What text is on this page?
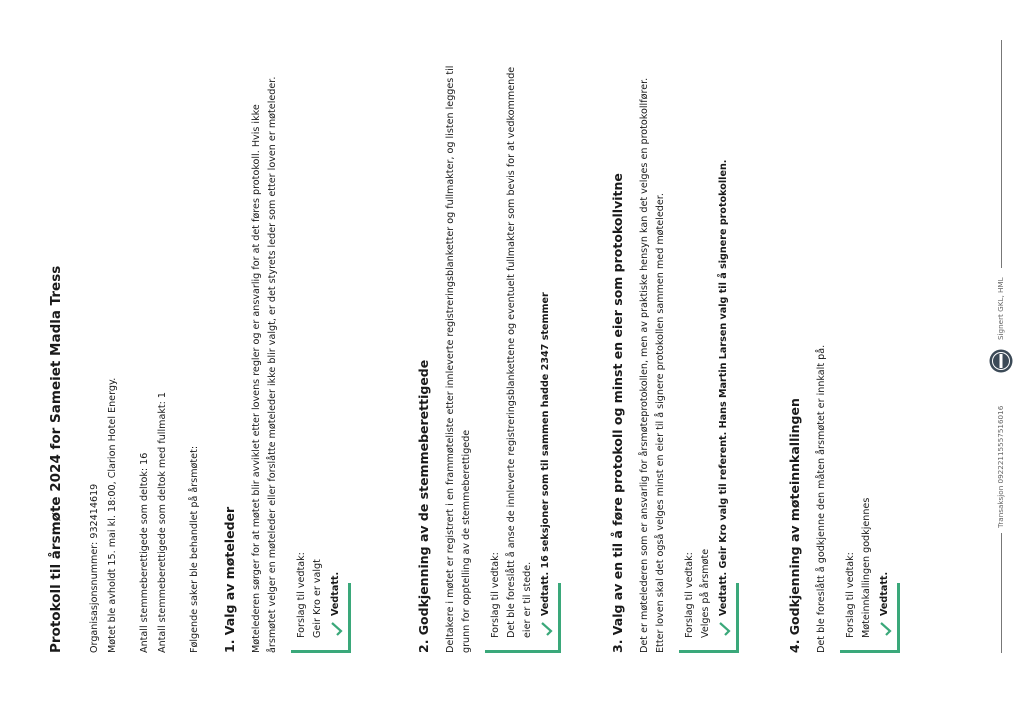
Protokoll til årsmøte 2024 for Sameiet Madla Tress	Organisasjonsnummer: 932414619 Møtet ble avholdt 15. mai kl. 18:00, Clarion Hotel Energy.	Antall stemmeberettigede som deltok: 16 Antall stemmeberettigede som deltok med fullmakt: 1	Følgende saker ble behandlet på årsmøtet:	1. Valg av møteleder Møtelederen sørger for at møtet blir avviklet etter lovens regler og er ansvarlig for at det føres protokoll. Hvis ikke årsmøtet velger en møteleder eller forslåtte møteleder ikke blir valgt, er det styrets leder som etter loven er møteleder.	Forslag til vedtak: Geir Kro er valgt Vedtatt.	2. Godkjenning av de stemmeberettigede Deltakere i møtet er registrert i en frammøteliste etter innleverte registreringsblanketter og fullmakter, og listen legges til grunn for opptelling av de stemmeberettigede	Forslag til vedtak: Det ble foreslått å anse de innleverte registreringsblankettene og eventuelt fullmakter som bevis for at vedkommende eier er til stede. Vedtatt. 16 seksjoner som til sammen hadde 2347 stemmer	3. Valg av en til å føre protokoll og minst en eier som protokollvitne Det er møtelederen som er ansvarlig for årsmøteprotokollen, men av praktiske hensyn kan det velges en protokollfører. Etter loven skal det også velges minst en eier til å signere protokollen sammen med møteleder.	Forslag til vedtak: Velges på årsmøte Vedtatt. Geir Kro valg til referent. Hans Martin Larsen valg til å signere protokollen.	4. Godkjenning av møteinnkallingen Det ble foreslått å godkjenne den måten årsmøtet er innkalt på.	Forslag til vedtak: Møteinnkallingen godkjennes Vedtatt.
Transaksjon 09222115557516016
Signert GKL, HML
